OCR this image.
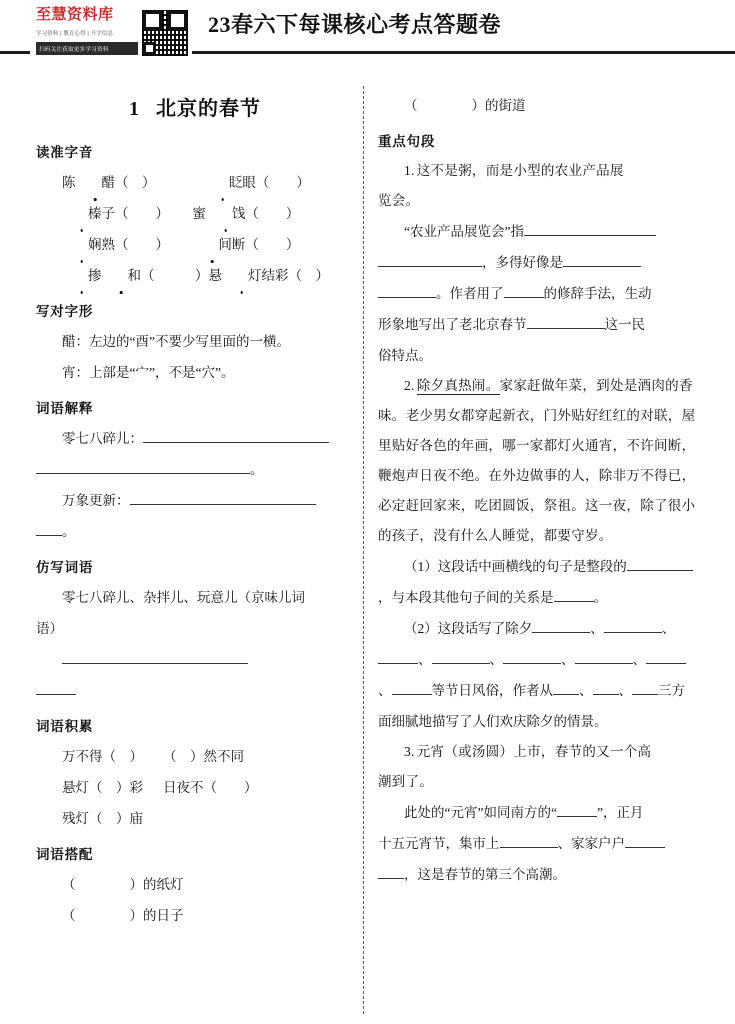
至慧资料库
学习资料 | 教育心得 | 升学信息
扫码关注获取更多学习资料
23春六下每课核心考点答题卷
1 北京的春节
读准字音
陈 醋（　）	眨眼（　　）
榛子（　　） 蜜 饯（　　）
娴熟（　　）	间断（　　）
掺 和（　　　）悬 灯结彩（　）
写对字形
醋：左边的“酉”不要少写里面的一横。
宵：上部是“宀”，不是“穴”。
词语解释
零七八碎儿：
。
万象更新：
。
仿写词语
零七八碎儿、杂拌儿、玩意儿（京味儿词
语）
词语积累
万不得（　） （　）然不同
悬灯（　）彩 日夜不（　　）
残灯（　）庙
词语搭配
（　　　　）的纸灯
（　　　　）的日子
（　　　　）的街道
重点句段
1. 这不是粥，而是小型的农业产品展
览会。
“农业产品展览会”指
，多得好像是
。作者用了	的修辞手法，生动
形象地写出了老北京春节	这一民
俗特点。
2. 除夕真热闹。家家赶做年菜，到处是酒肉的香味。老少男女都穿起新衣，门外贴好红红的对联，屋里贴好各色的年画，哪一家都灯火通宵，不许间断，鞭炮声日夜不绝。在外边做事的人，除非万不得已，必定赶回家来，吃团圆饭，祭祖。这一夜，除了很小的孩子，没有什么人睡觉，都要守岁。
（1）这段话中画横线的句子是整段的，与本段其他句子间的关系是	。
（2）这段话写了除夕	、	、、	、	、	、、	等节日风俗，作者从 、 、 三方面细腻地描写了人们欢庆除夕的情景。
3. 元宵（或汤圆）上市，春节的又一个高
潮到了。
此处的“元宵”如同南方的“	”，正月
十五元宵节，集市上	、家家户户
，这是春节的第三个高潮。
